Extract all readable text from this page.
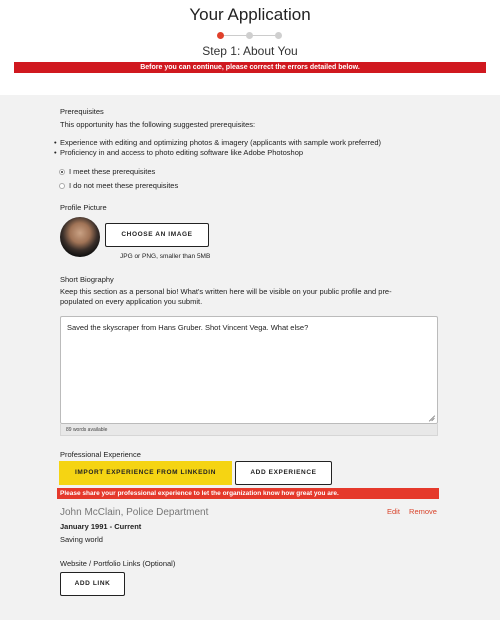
Your Application
Step 1: About You
Before you can continue, please correct the errors detailed below.
Prerequisites
This opportunity has the following suggested prerequisites:
• Experience with editing and optimizing photos & imagery (applicants with sample work preferred)
• Proficiency in and access to photo editing software like Adobe Photoshop
I meet these prerequisites
I do not meet these prerequisites
Profile Picture
CHOOSE AN IMAGE
JPG or PNG, smaller than 5MB
Short Biography
Keep this section as a personal bio! What's written here will be visible on your public profile and pre-
populated on every application you submit.
Saved the skyscraper from Hans Gruber. Shot Vincent Vega. What else?
89 words available
Professional Experience
IMPORT EXPERIENCE FROM LINKEDIN	ADD EXPERIENCE
Please share your professional experience to let the organization know how great you are.
John McClain, Police Department	Edit Remove
January 1991 - Current
Saving world
Website / Portfolio Links (Optional)
ADD LINK
